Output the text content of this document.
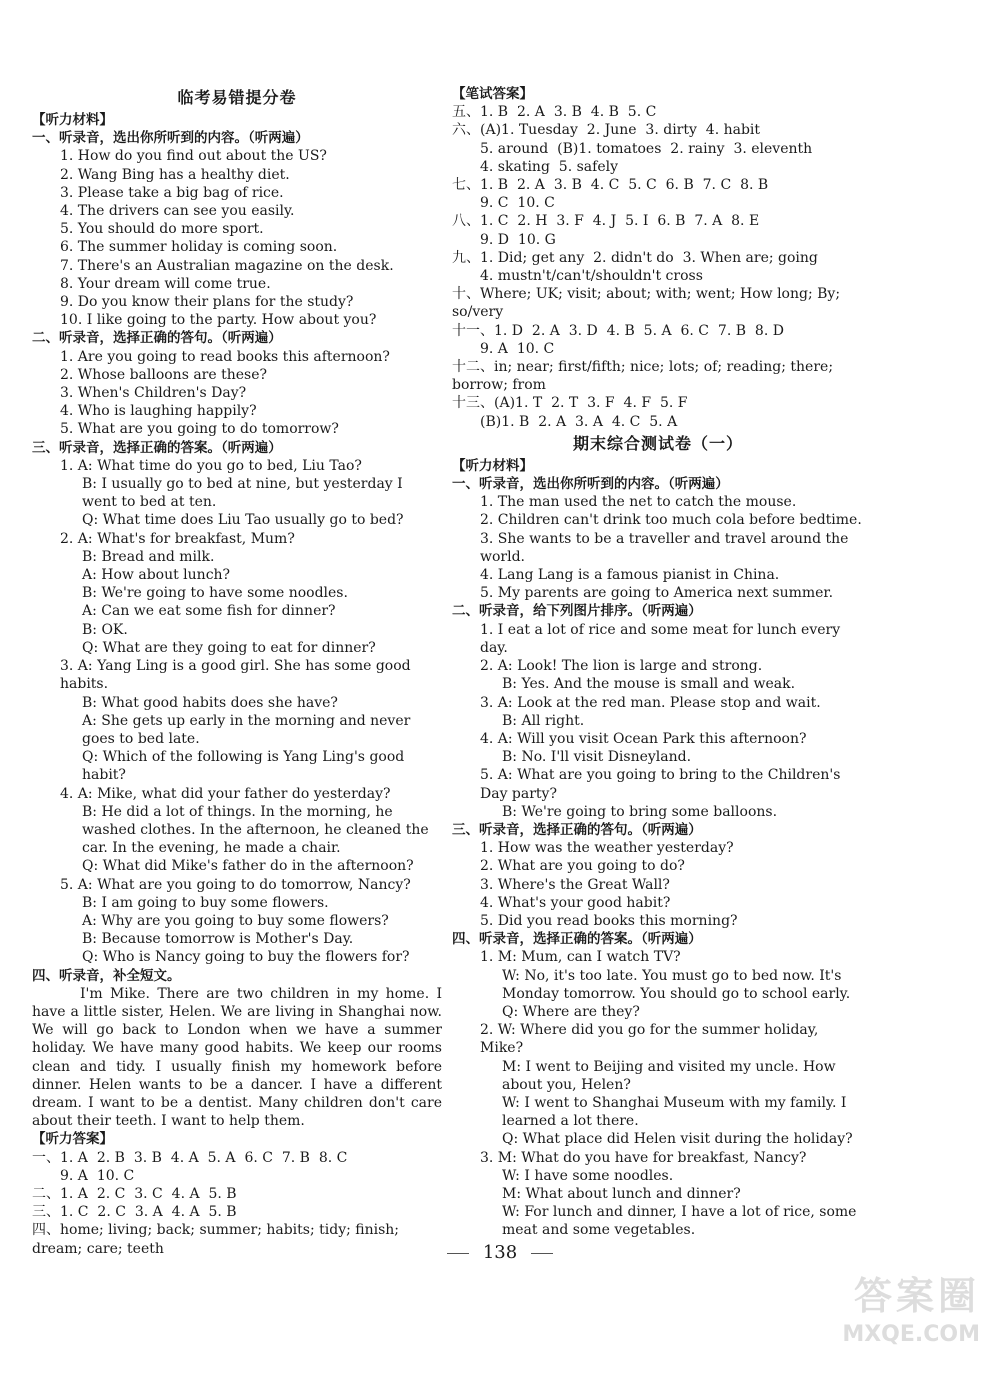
临考易错提分卷
【听力材料】
一、听录音，选出你所听到的内容。（听两遍）
1. How do you find out about the US?
2. Wang Bing has a healthy diet.
3. Please take a big bag of rice.
4. The drivers can see you easily.
5. You should do more sport.
6. The summer holiday is coming soon.
7. There's an Australian magazine on the desk.
8. Your dream will come true.
9. Do you know their plans for the study?
10. I like going to the party. How about you?
二、听录音，选择正确的答句。（听两遍）
1. Are you going to read books this afternoon?
2. Whose balloons are these?
3. When's Children's Day?
4. Who is laughing happily?
5. What are you going to do tomorrow?
三、听录音，选择正确的答案。（听两遍）
1. A: What time do you go to bed, Liu Tao?
B: I usually go to bed at nine, but yesterday I went to bed at ten.
Q: What time does Liu Tao usually go to bed?
2. A: What's for breakfast, Mum?
B: Bread and milk.
A: How about lunch?
B: We're going to have some noodles.
A: Can we eat some fish for dinner?
B: OK.
Q: What are they going to eat for dinner?
3. A: Yang Ling is a good girl. She has some good habits.
B: What good habits does she have?
A: She gets up early in the morning and never goes to bed late.
Q: Which of the following is Yang Ling's good habit?
4. A: Mike, what did your father do yesterday?
B: He did a lot of things. In the morning, he washed clothes. In the afternoon, he cleaned the car. In the evening, he made a chair.
Q: What did Mike's father do in the afternoon?
5. A: What are you going to do tomorrow, Nancy?
B: I am going to buy some flowers.
A: Why are you going to buy some flowers?
B: Because tomorrow is Mother's Day.
Q: Who is Nancy going to buy the flowers for?
四、听录音，补全短文。
I'm Mike. There are two children in my home. I have a little sister, Helen. We are living in Shanghai now. We will go back to London when we have a summer holiday. We have many good habits. We keep our rooms clean and tidy. I usually finish my homework before dinner. Helen wants to be a dancer. I have a different dream. I want to be a dentist. Many children don't care about their teeth. I want to help them.
【听力答案】
一、1. A  2. B  3. B  4. A  5. A  6. C  7. B  8. C
9. A  10. C
二、1. A  2. C  3. C  4. A  5. B
三、1. C  2. C  3. A  4. A  5. B
四、home; living; back; summer; habits; tidy; finish; dream; care; teeth
【笔试答案】
五、1. B  2. A  3. B  4. B  5. C
六、(A)1. Tuesday  2. June  3. dirty  4. habit
5. around  (B)1. tomatoes  2. rainy  3. eleventh
4. skating  5. safely
七、1. B  2. A  3. B  4. C  5. C  6. B  7. C  8. B
9. C  10. C
八、1. C  2. H  3. F  4. J  5. I  6. B  7. A  8. E
9. D  10. G
九、1. Did; get any  2. didn't do  3. When are; going
4. mustn't/can't/shouldn't cross
十、Where; UK; visit; about; with; went; How long; By; so/very
十一、1. D  2. A  3. D  4. B  5. A  6. C  7. B  8. D
9. A  10. C
十二、in; near; first/fifth; nice; lots; of; reading; there; borrow; from
十三、(A)1. T  2. T  3. F  4. F  5. F
(B)1. B  2. A  3. A  4. C  5. A
期末综合测试卷（一）
【听力材料】
一、听录音，选出你所听到的内容。（听两遍）
1. The man used the net to catch the mouse.
2. Children can't drink too much cola before bedtime.
3. She wants to be a traveller and travel around the world.
4. Lang Lang is a famous pianist in China.
5. My parents are going to America next summer.
二、听录音，给下列图片排序。（听两遍）
1. I eat a lot of rice and some meat for lunch every day.
2. A: Look! The lion is large and strong.
B: Yes. And the mouse is small and weak.
3. A: Look at the red man. Please stop and wait.
B: All right.
4. A: Will you visit Ocean Park this afternoon?
B: No. I'll visit Disneyland.
5. A: What are you going to bring to the Children's Day party?
B: We're going to bring some balloons.
三、听录音，选择正确的答句。（听两遍）
1. How was the weather yesterday?
2. What are you going to do?
3. Where's the Great Wall?
4. What's your good habit?
5. Did you read books this morning?
四、听录音，选择正确的答案。（听两遍）
1. M: Mum, can I watch TV?
W: No, it's too late. You must go to bed now. It's Monday tomorrow. You should go to school early.
Q: Where are they?
2. W: Where did you go for the summer holiday, Mike?
M: I went to Beijing and visited my uncle. How about you, Helen?
W: I went to Shanghai Museum with my family. I learned a lot there.
Q: What place did Helen visit during the holiday?
3. M: What do you have for breakfast, Nancy?
W: I have some noodles.
M: What about lunch and dinner?
W: For lunch and dinner, I have a lot of rice, some meat and some vegetables.
138
答案圈
MXQE.COM
